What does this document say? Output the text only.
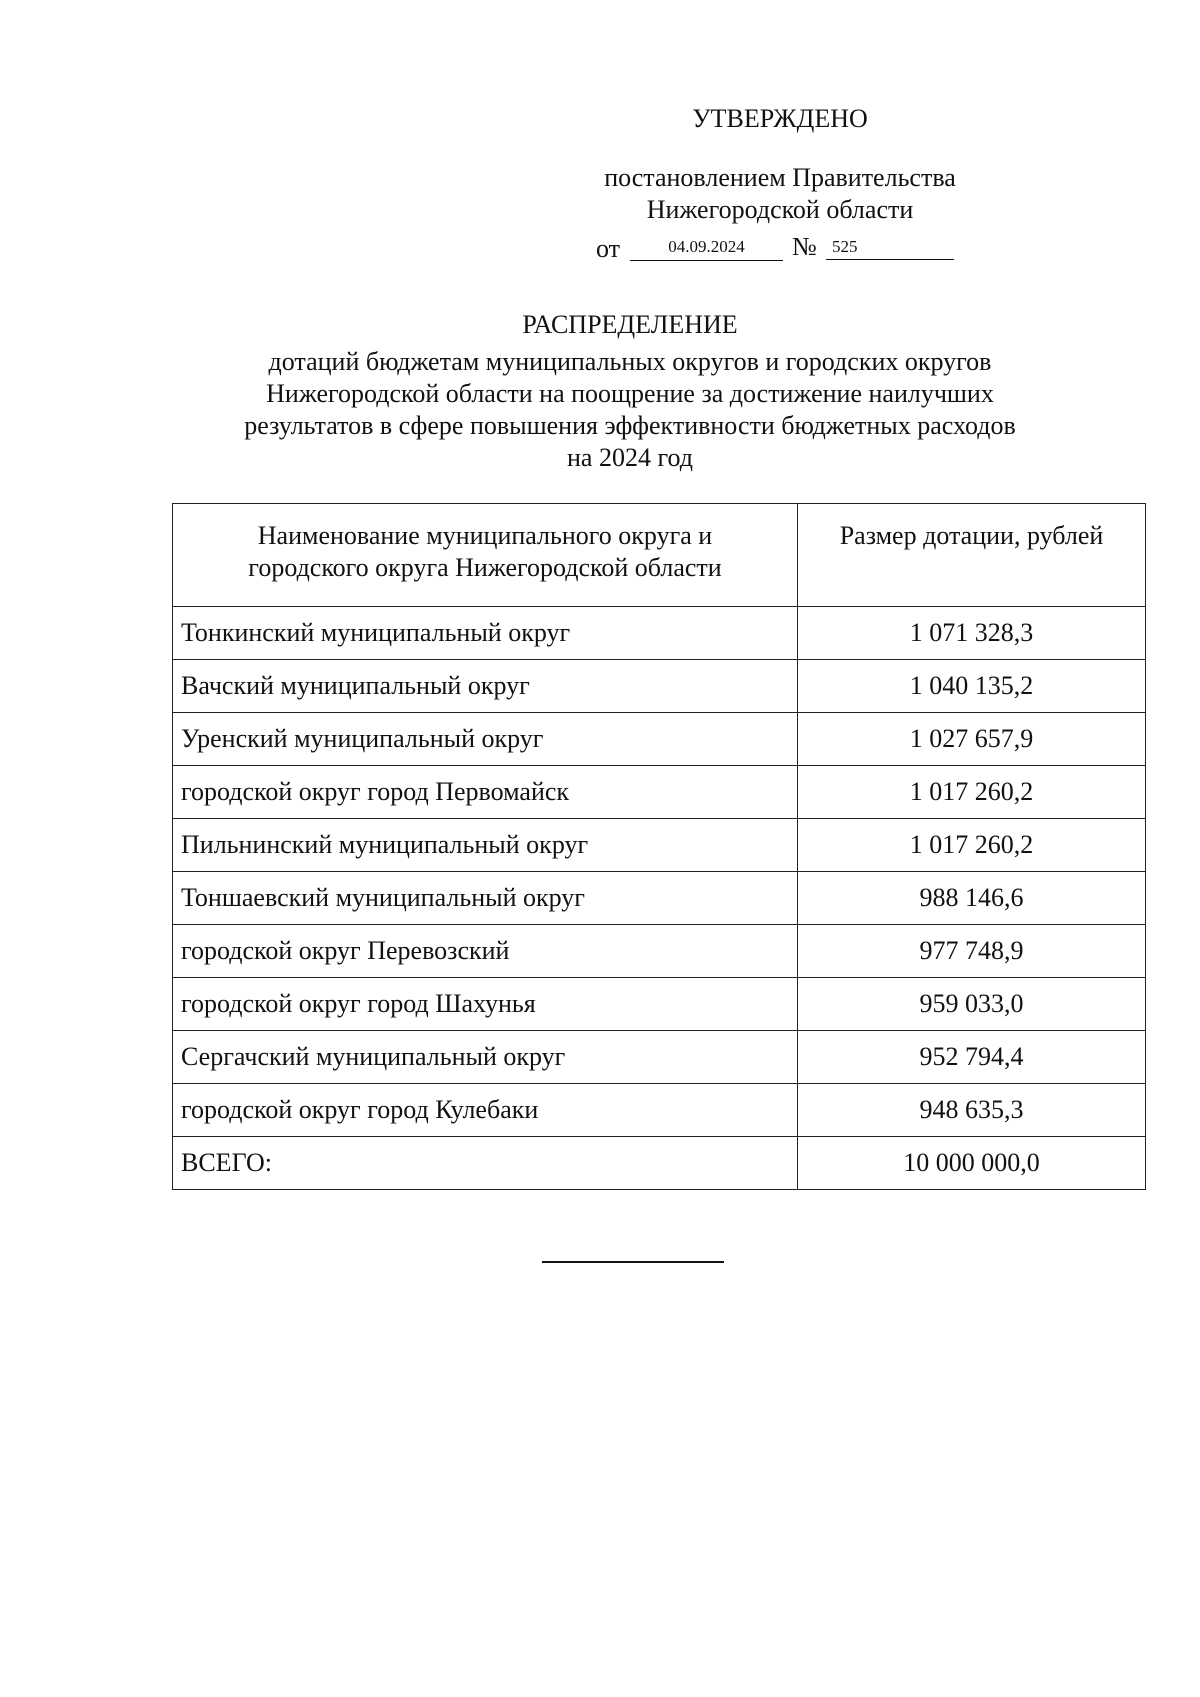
УТВЕРЖДЕНО
постановлением Правительства
Нижегородской области
от	04.09.2024	№ 525
РАСПРЕДЕЛЕНИЕ
дотаций бюджетам муниципальных округов и городских округов
Нижегородской области на поощрение за достижение наилучших
результатов в сфере повышения эффективности бюджетных расходов
на 2024 год
Наименование муниципального округа и
городского округа Нижегородской области	Размер дотации, рублей
Тонкинский муниципальный округ	1 071 328,3
Вачский муниципальный округ	1 040 135,2
Уренский муниципальный округ	1 027 657,9
городской округ город Первомайск	1 017 260,2
Пильнинский муниципальный округ	1 017 260,2
Тоншаевский муниципальный округ	988 146,6
городской округ Перевозский	977 748,9
городской округ город Шахунья	959 033,0
Сергачский муниципальный округ	952 794,4
городской округ город Кулебаки	948 635,3
ВСЕГО:	10 000 000,0
